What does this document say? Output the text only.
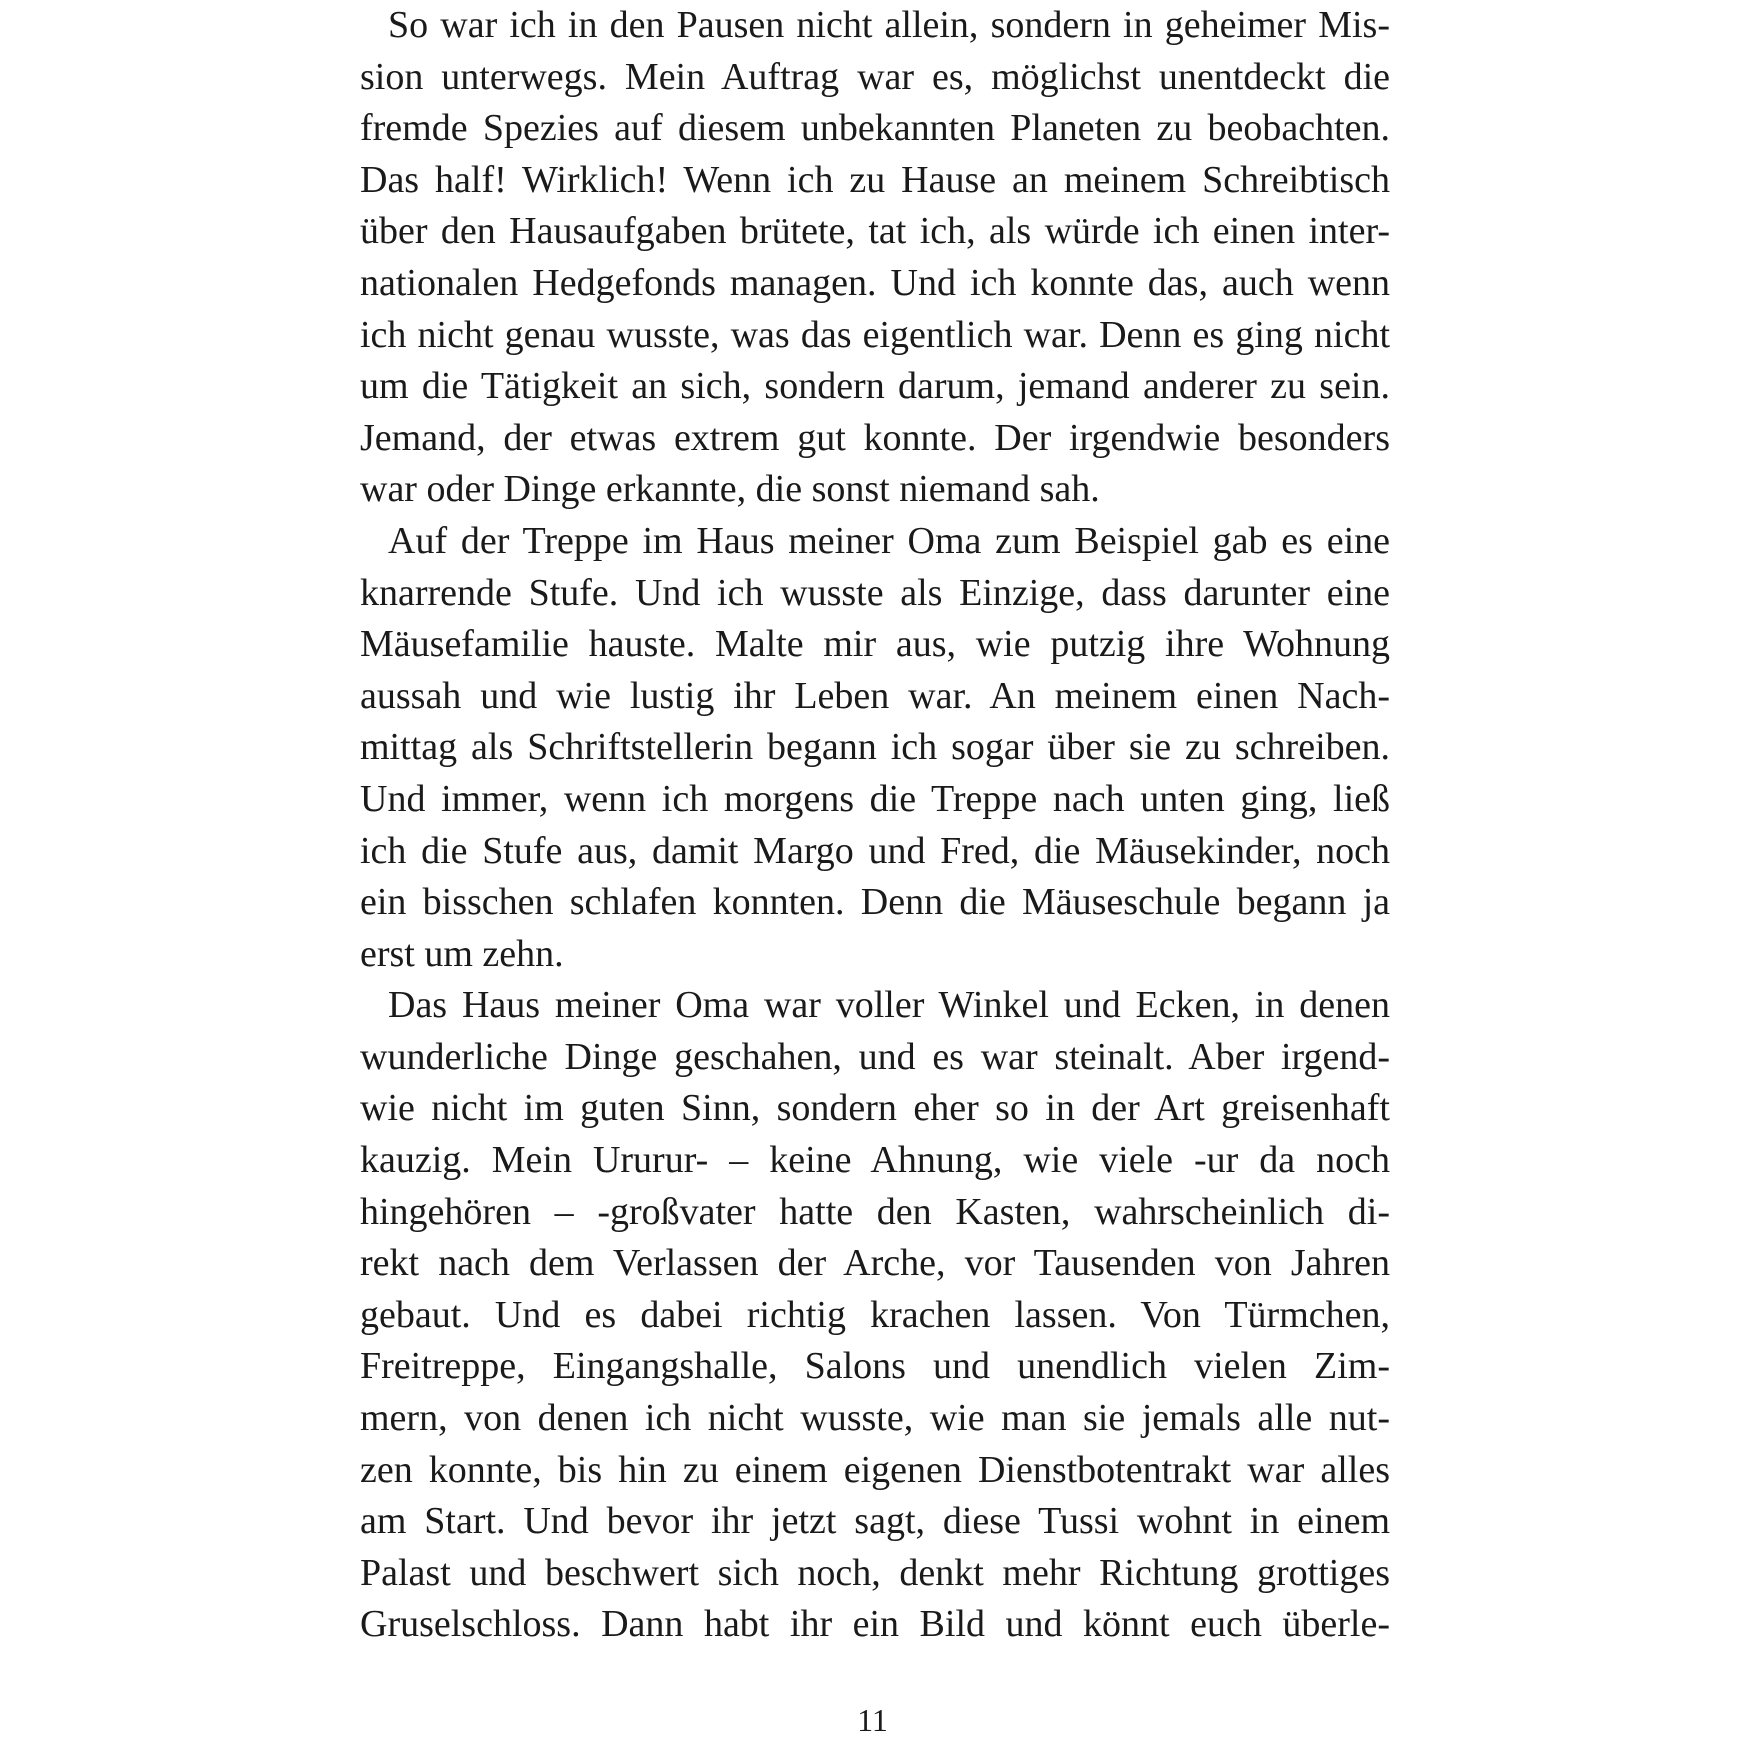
So war ich in den Pausen nicht allein, sondern in geheimer Mis-
sion unterwegs. Mein Auftrag war es, möglichst unentdeckt die
fremde Spezies auf diesem unbekannten Planeten zu beobachten.
Das half! Wirklich! Wenn ich zu Hause an meinem Schreibtisch
über den Hausaufgaben brütete, tat ich, als würde ich einen inter-
nationalen Hedgefonds managen. Und ich konnte das, auch wenn
ich nicht genau wusste, was das eigentlich war. Denn es ging nicht
um die Tätigkeit an sich, sondern darum, jemand anderer zu sein.
Jemand, der etwas extrem gut konnte. Der irgendwie besonders
war oder Dinge erkannte, die sonst niemand sah.
Auf der Treppe im Haus meiner Oma zum Beispiel gab es eine
knarrende Stufe. Und ich wusste als Einzige, dass darunter eine
Mäusefamilie hauste. Malte mir aus, wie putzig ihre Wohnung
aussah und wie lustig ihr Leben war. An meinem einen Nach-
mittag als Schriftstellerin begann ich sogar über sie zu schreiben.
Und immer, wenn ich morgens die Treppe nach unten ging, ließ
ich die Stufe aus, damit Margo und Fred, die Mäusekinder, noch
ein bisschen schlafen konnten. Denn die Mäuseschule begann ja
erst um zehn.
Das Haus meiner Oma war voller Winkel und Ecken, in denen
wunderliche Dinge geschahen, und es war steinalt. Aber irgend-
wie nicht im guten Sinn, sondern eher so in der Art greisenhaft
kauzig. Mein Ururur- – keine Ahnung, wie viele -ur da noch
hingehören – -großvater hatte den Kasten, wahrscheinlich di-
rekt nach dem Verlassen der Arche, vor Tausenden von Jahren
gebaut. Und es dabei richtig krachen lassen. Von Türmchen,
Freitreppe, Eingangshalle, Salons und unendlich vielen Zim-
mern, von denen ich nicht wusste, wie man sie jemals alle nut-
zen konnte, bis hin zu einem eigenen Dienstbotentrakt war alles
am Start. Und bevor ihr jetzt sagt, diese Tussi wohnt in einem
Palast und beschwert sich noch, denkt mehr Richtung grottiges
Gruselschloss. Dann habt ihr ein Bild und könnt euch überle-
11
